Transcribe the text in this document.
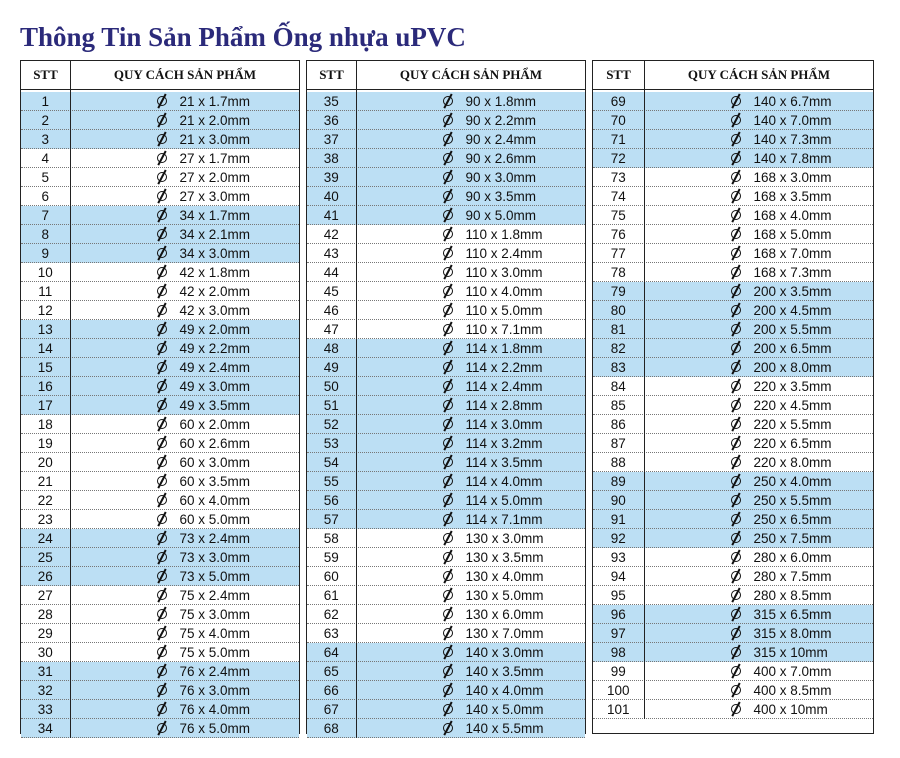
Thông Tin Sản Phẩm Ống nhựa uPVC
STT	QUY CÁCH SẢN PHẨM
1	21 x 1.7mm
2	21 x 2.0mm
3	21 x 3.0mm
4	27 x 1.7mm
5	27 x 2.0mm
6	27 x 3.0mm
7	34 x 1.7mm
8	34 x 2.1mm
9	34 x 3.0mm
10	42 x 1.8mm
11	42 x 2.0mm
12	42 x 3.0mm
13	49 x 2.0mm
14	49 x 2.2mm
15	49 x 2.4mm
16	49 x 3.0mm
17	49 x 3.5mm
18	60 x 2.0mm
19	60 x 2.6mm
20	60 x 3.0mm
21	60 x 3.5mm
22	60 x 4.0mm
23	60 x 5.0mm
24	73 x 2.4mm
25	73 x 3.0mm
26	73 x 5.0mm
27	75 x 2.4mm
28	75 x 3.0mm
29	75 x 4.0mm
30	75 x 5.0mm
31	76 x 2.4mm
32	76 x 3.0mm
33	76 x 4.0mm
34	76 x 5.0mm
STT	QUY CÁCH SẢN PHẨM
35	90 x 1.8mm
36	90 x 2.2mm
37	90 x 2.4mm
38	90 x 2.6mm
39	90 x 3.0mm
40	90 x 3.5mm
41	90 x 5.0mm
42	110 x 1.8mm
43	110 x 2.4mm
44	110 x 3.0mm
45	110 x 4.0mm
46	110 x 5.0mm
47	110 x 7.1mm
48	114 x 1.8mm
49	114 x 2.2mm
50	114 x 2.4mm
51	114 x 2.8mm
52	114 x 3.0mm
53	114 x 3.2mm
54	114 x 3.5mm
55	114 x 4.0mm
56	114 x 5.0mm
57	114 x 7.1mm
58	130 x 3.0mm
59	130 x 3.5mm
60	130 x 4.0mm
61	130 x 5.0mm
62	130 x 6.0mm
63	130 x 7.0mm
64	140 x 3.0mm
65	140 x 3.5mm
66	140 x 4.0mm
67	140 x 5.0mm
68	140 x 5.5mm
STT	QUY CÁCH SẢN PHẨM
69	140 x 6.7mm
70	140 x 7.0mm
71	140 x 7.3mm
72	140 x 7.8mm
73	168 x 3.0mm
74	168 x 3.5mm
75	168 x 4.0mm
76	168 x 5.0mm
77	168 x 7.0mm
78	168 x 7.3mm
79	200 x 3.5mm
80	200 x 4.5mm
81	200 x 5.5mm
82	200 x 6.5mm
83	200 x 8.0mm
84	220 x 3.5mm
85	220 x 4.5mm
86	220 x 5.5mm
87	220 x 6.5mm
88	220 x 8.0mm
89	250 x 4.0mm
90	250 x 5.5mm
91	250 x 6.5mm
92	250 x 7.5mm
93	280 x 6.0mm
94	280 x 7.5mm
95	280 x 8.5mm
96	315 x 6.5mm
97	315 x 8.0mm
98	315 x 10mm
99	400 x 7.0mm
100	400 x 8.5mm
101	400 x 10mm
